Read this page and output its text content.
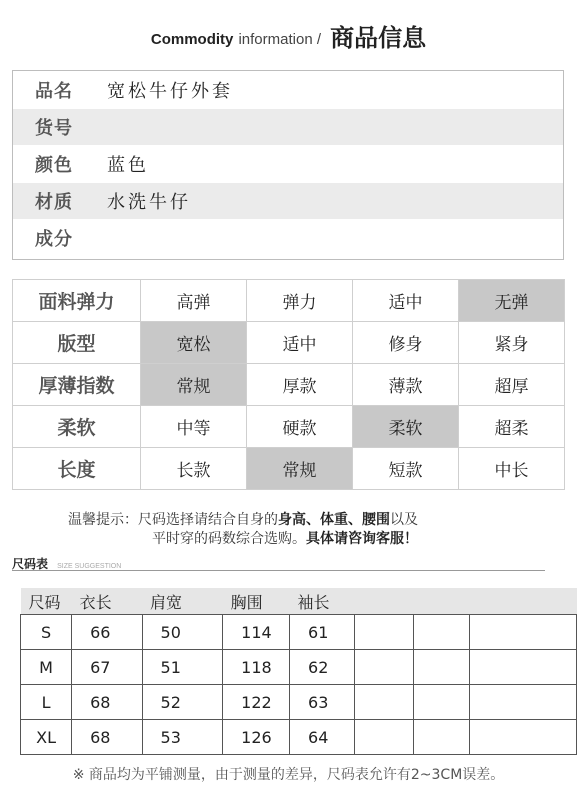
Commodity information / 商品信息
品名	宽松牛仔外套
货号
颜色	蓝色
材质	水洗牛仔
成分
面料弹力	高弹	弹力	适中	无弹
版型	宽松	适中	修身	紧身
厚薄指数	常规	厚款	薄款	超厚
柔软	中等	硬款	柔软	超柔
长度	长款	常规	短款	中长
温馨提示：尺码选择请结合自身的身高、体重、腰围以及
平时穿的码数综合选购。具体请咨询客服！
尺码表 SIZE SUGGESTION
尺码	衣长	肩宽	胸围	袖长			
S	66	50	114	61			
M	67	51	118	62			
L	68	52	122	63			
XL	68	53	126	64			
※ 商品均为平铺测量，由于测量的差异，尺码表允许有2~3CM误差。
